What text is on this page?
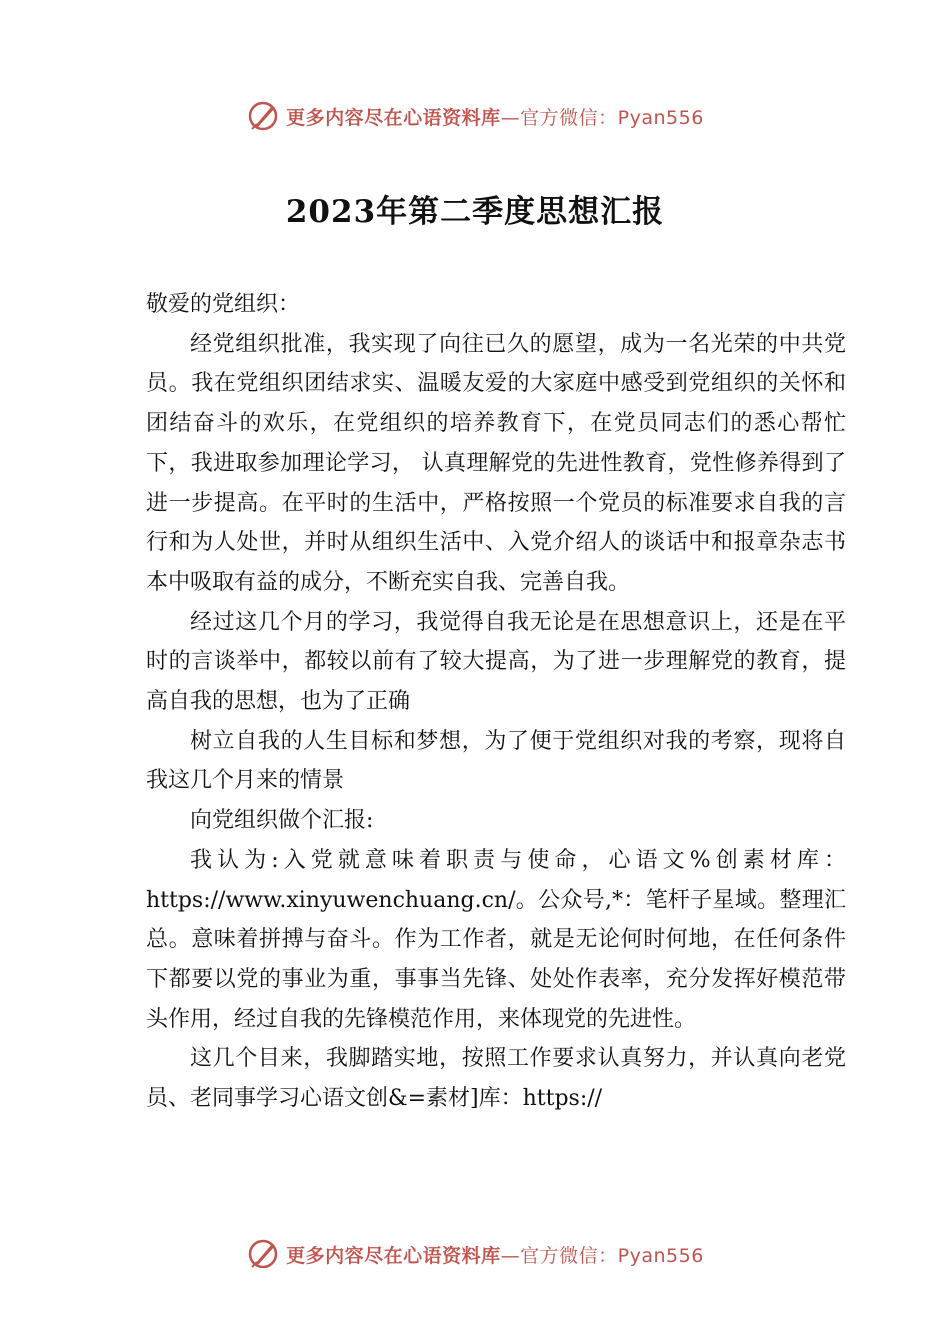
更多内容尽在心语资料库 —官方微信：Pyan556
2023年第二季度思想汇报

敬爱的党组织：

经党组织批准，我实现了向往已久的愿望，成为一名光荣的中共党员。我在党组织团结求实、温暖友爱的大家庭中感受到党组织的关怀和团结奋斗的欢乐，在党组织的培养教育下，在党员同志们的悉心帮忙下，我进取参加理论学习， 认真理解党的先进性教育，党性修养得到了进一步提高。在平时的生活中，严格按照一个党员的标准要求自我的言行和为人处世，并时从组织生活中、入党介绍人的谈话中和报章杂志书本中吸取有益的成分，不断充实自我、完善自我。

经过这几个月的学习，我觉得自我无论是在思想意识上，还是在平时的言谈举中，都较以前有了较大提高，为了进一步理解党的教育，提高自我的思想，也为了正确

树立自我的人生目标和梦想，为了便于党组织对我的考察，现将自我这几个月来的情景

向党组织做个汇报:

我认为:入党就意味着职责与使命，心语文%创素材库：https://www.xinyuwenchuang.cn/。公众号,*：笔杆子星域。整理汇总。意味着拼搏与奋斗。作为工作者，就是无论何时何地，在任何条件下都要以党的事业为重，事事当先锋、处处作表率，充分发挥好模范带头作用，经过自我的先锋模范作用，来体现党的先进性。

这几个目来，我脚踏实地，按照工作要求认真努力，并认真向老党员、老同事学习心语文创&=素材]库：https://

更多内容尽在心语资料库 —官方微信：Pyan556
